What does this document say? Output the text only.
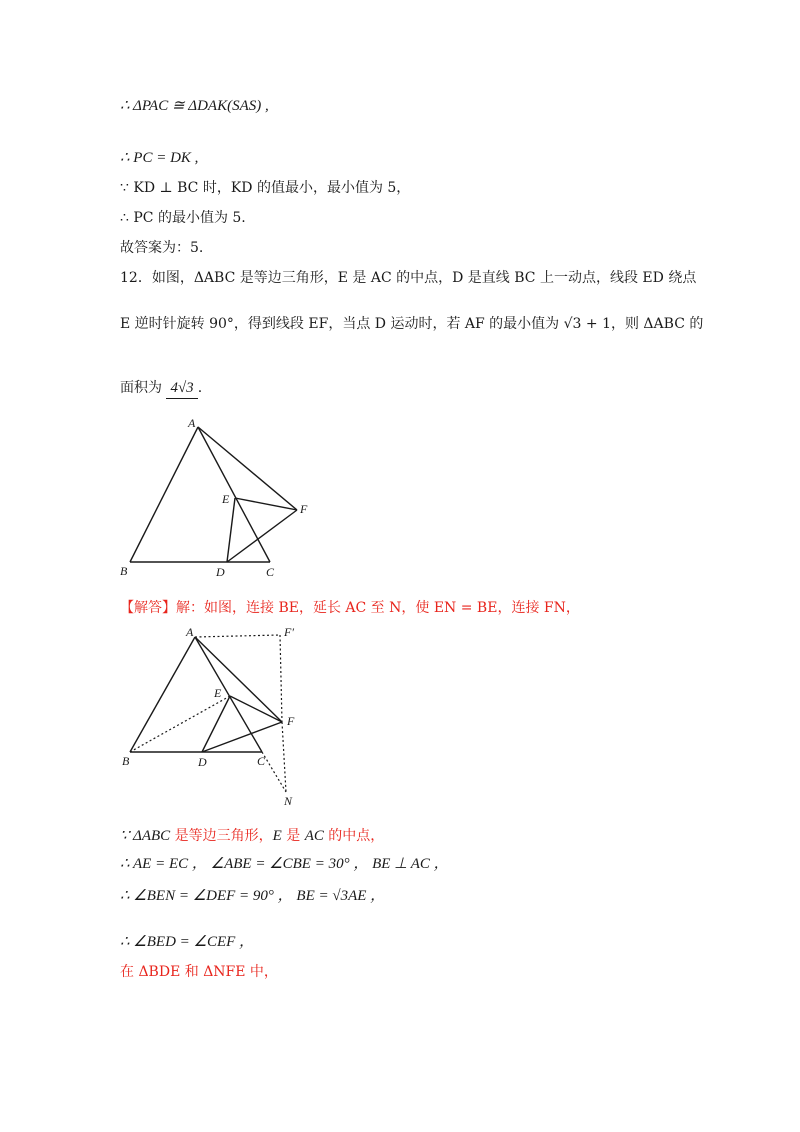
∴ ΔPAC ≅ ΔDAK(SAS) ,
∴ PC = DK ,
∵ KD ⊥ BC 时，KD 的值最小，最小值为 5，
∴ PC 的最小值为 5.
故答案为：5.
12．如图，ΔABC 是等边三角形，E 是 AC 的中点，D 是直线 BC 上一动点，线段 ED 绕点
E 逆时针旋转 90°，得到线段 EF，当点 D 运动时，若 AF 的最小值为 √3 + 1，则 ΔABC 的
面积为 4√3 .
A
B	C
D
E
F
【解答】解：如图，连接 BE，延长 AC 至 N，使 EN = BE，连接 FN，
A	F′
E
F
B	D	C
N
∵ ΔABC 是等边三角形，E 是 AC 的中点，
∴ AE = EC ， ∠ABE = ∠CBE = 30° ， BE ⊥ AC ，
∴ ∠BEN = ∠DEF = 90° ， BE = √3AE ，
∴ ∠BED = ∠CEF ，
在 ΔBDE 和 ΔNFE 中，
